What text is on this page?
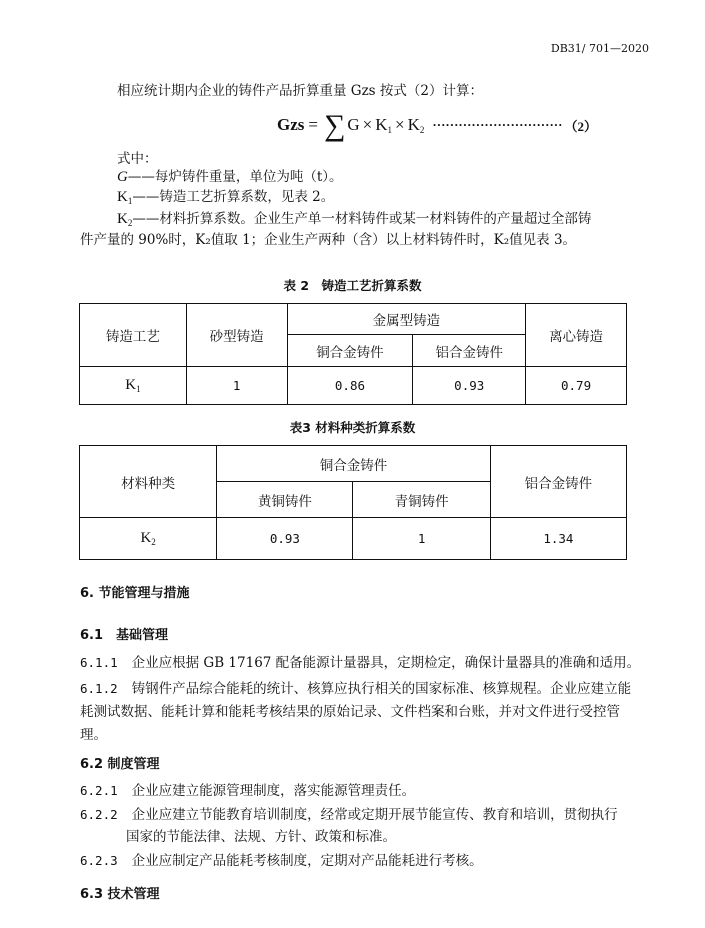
DB31/ 701—2020
相应统计期内企业的铸件产品折算重量 Gzs 按式（2）计算：
Gzs = ∑ G × K1 × K2 ······························ （2）
式中：
G——每炉铸件重量，单位为吨（t）。
$K_1——$铸造工艺折算系数，见表 2。
$K_2——$材料折算系数。企业生产单一材料铸件或某一材料铸件的产量超过全部铸
件产量的 90%时，K₂值取 1；企业生产两种（含）以上材料铸件时，K₂值见表 3。
表 2　铸造工艺折算系数
铸造工艺	砂型铸造	金属型铸造		离心铸造
		铜合金铸件	铝合金铸件	
$K_1$	1	0.86	0.93	0.79
表3 材料种类折算系数
材料种类	铜合金铸件		铝合金铸件
	黄铜铸件	青铜铸件	
$K_2$	0.93	1	1.34
6. 节能管理与措施
6.1　基础管理
6.1.1 企业应根据 GB 17167 配备能源计量器具，定期检定，确保计量器具的准确和适用。
6.1.2 铸钢件产品综合能耗的统计、核算应执行相关的国家标准、核算规程。企业应建立能耗测试数据、能耗计算和能耗考核结果的原始记录、文件档案和台账，并对文件进行受控管理。
6.2 制度管理
6.2.1 企业应建立能源管理制度，落实能源管理责任。
6.2.2 企业应建立节能教育培训制度，经常或定期开展节能宣传、教育和培训，贯彻执行
国家的节能法律、法规、方针、政策和标准。
6.2.3 企业应制定产品能耗考核制度，定期对产品能耗进行考核。
6.3 技术管理
